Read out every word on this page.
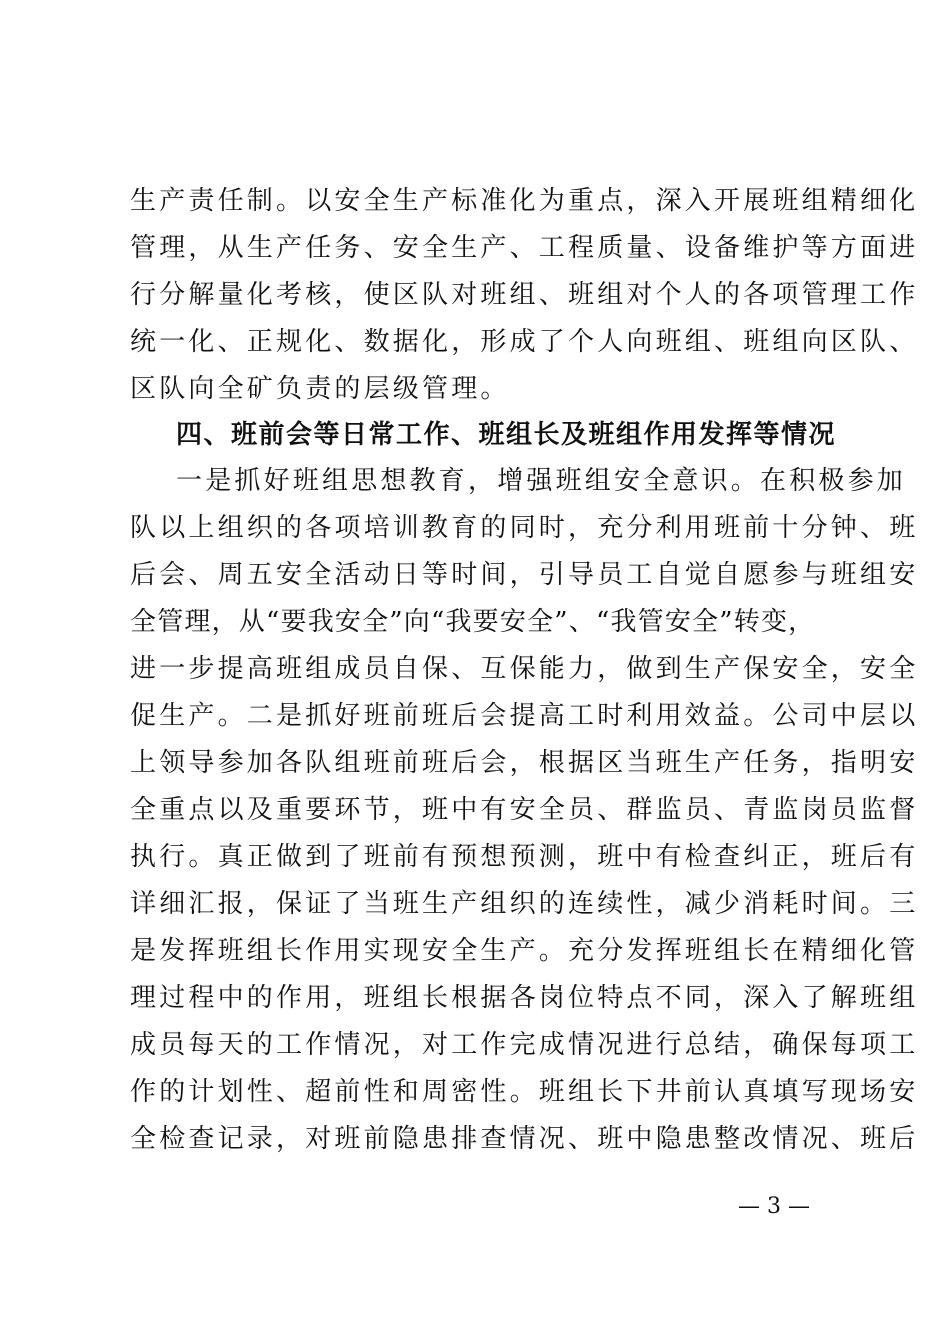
生产责任制。以安全生产标准化为重点，深入开展班组精细化
管理，从生产任务、安全生产、工程质量、设备维护等方面进
行分解量化考核，使区队对班组、班组对个人的各项管理工作
统一化、正规化、数据化，形成了个人向班组、班组向区队、
区队向全矿负责的层级管理。
四、班前会等日常工作、班组长及班组作用发挥等情况
一是抓好班组思想教育，增强班组安全意识。在积极参加
队以上组织的各项培训教育的同时，充分利用班前十分钟、班
后会、周五安全活动日等时间，引导员工自觉自愿参与班组安
全管理，从“要我安全”向“我要安全”、“我管安全”转变，
进一步提高班组成员自保、互保能力，做到生产保安全，安全
促生产。二是抓好班前班后会提高工时利用效益。公司中层以
上领导参加各队组班前班后会，根据区当班生产任务，指明安
全重点以及重要环节，班中有安全员、群监员、青监岗员监督
执行。真正做到了班前有预想预测，班中有检查纠正，班后有
详细汇报，保证了当班生产组织的连续性，减少消耗时间。三
是发挥班组长作用实现安全生产。充分发挥班组长在精细化管
理过程中的作用，班组长根据各岗位特点不同，深入了解班组
成员每天的工作情况，对工作完成情况进行总结，确保每项工
作的计划性、超前性和周密性。班组长下井前认真填写现场安
全检查记录，对班前隐患排查情况、班中隐患整改情况、班后
— 3 —
